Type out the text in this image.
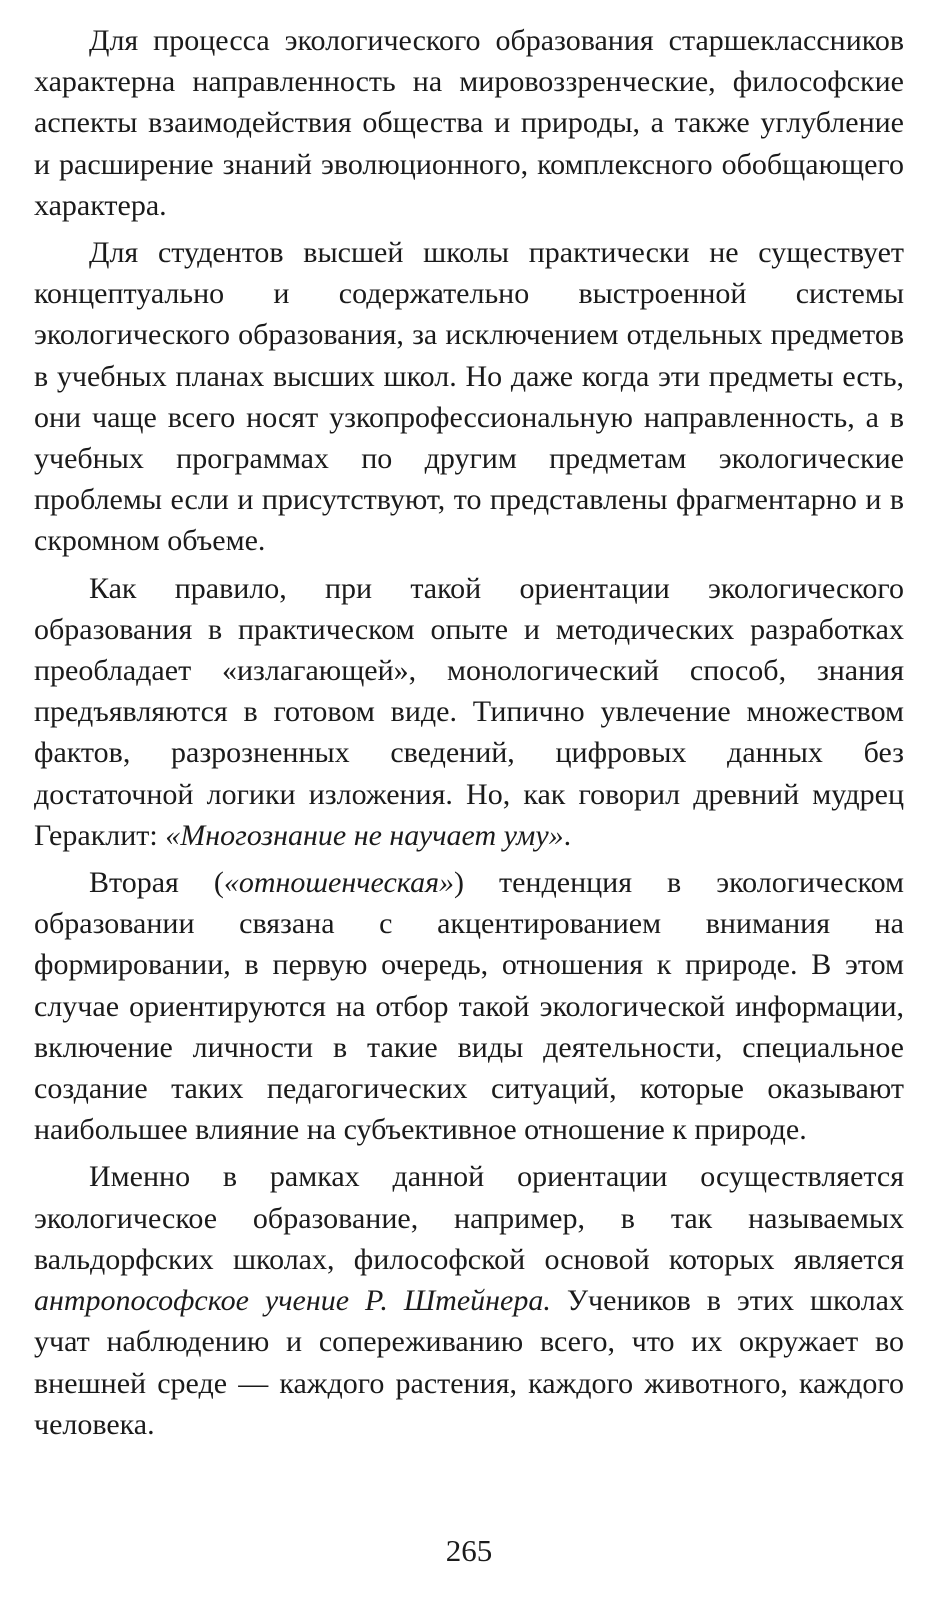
Для процесса экологического образования старшеклассников характерна направленность на мировоззренческие, философские аспекты взаимодействия общества и природы, а также углубление и расширение знаний эволюционного, комплексного обобщающего характера.

Для студентов высшей школы практически не существует концептуально и содержательно выстроенной системы экологического образования, за исключением отдельных предметов в учебных планах высших школ. Но даже когда эти предметы есть, они чаще всего носят узкопрофессиональную направленность, а в учебных программах по другим предметам экологические проблемы если и присутствуют, то представлены фрагментарно и в скромном объеме.

Как правило, при такой ориентации экологического образования в практическом опыте и методических разработках преобладает «излагающей», монологический способ, знания предъявляются в готовом виде. Типично увлечение множеством фактов, разрозненных сведений, цифровых данных без достаточной логики изложения. Но, как говорил древний мудрец Гераклит: «Многознание не научает уму».

Вторая («отношенческая») тенденция в экологическом образовании связана с акцентированием внимания на формировании, в первую очередь, отношения к природе. В этом случае ориентируются на отбор такой экологической информации, включение личности в такие виды деятельности, специальное создание таких педагогических ситуаций, которые оказывают наибольшее влияние на субъективное отношение к природе.

Именно в рамках данной ориентации осуществляется экологическое образование, например, в так называемых вальдорфских школах, философской основой которых является антропософское учение Р. Штейнера. Учеников в этих школах учат наблюдению и сопереживанию всего, что их окружает во внешней среде — каждого растения, каждого животного, каждого человека.

265
